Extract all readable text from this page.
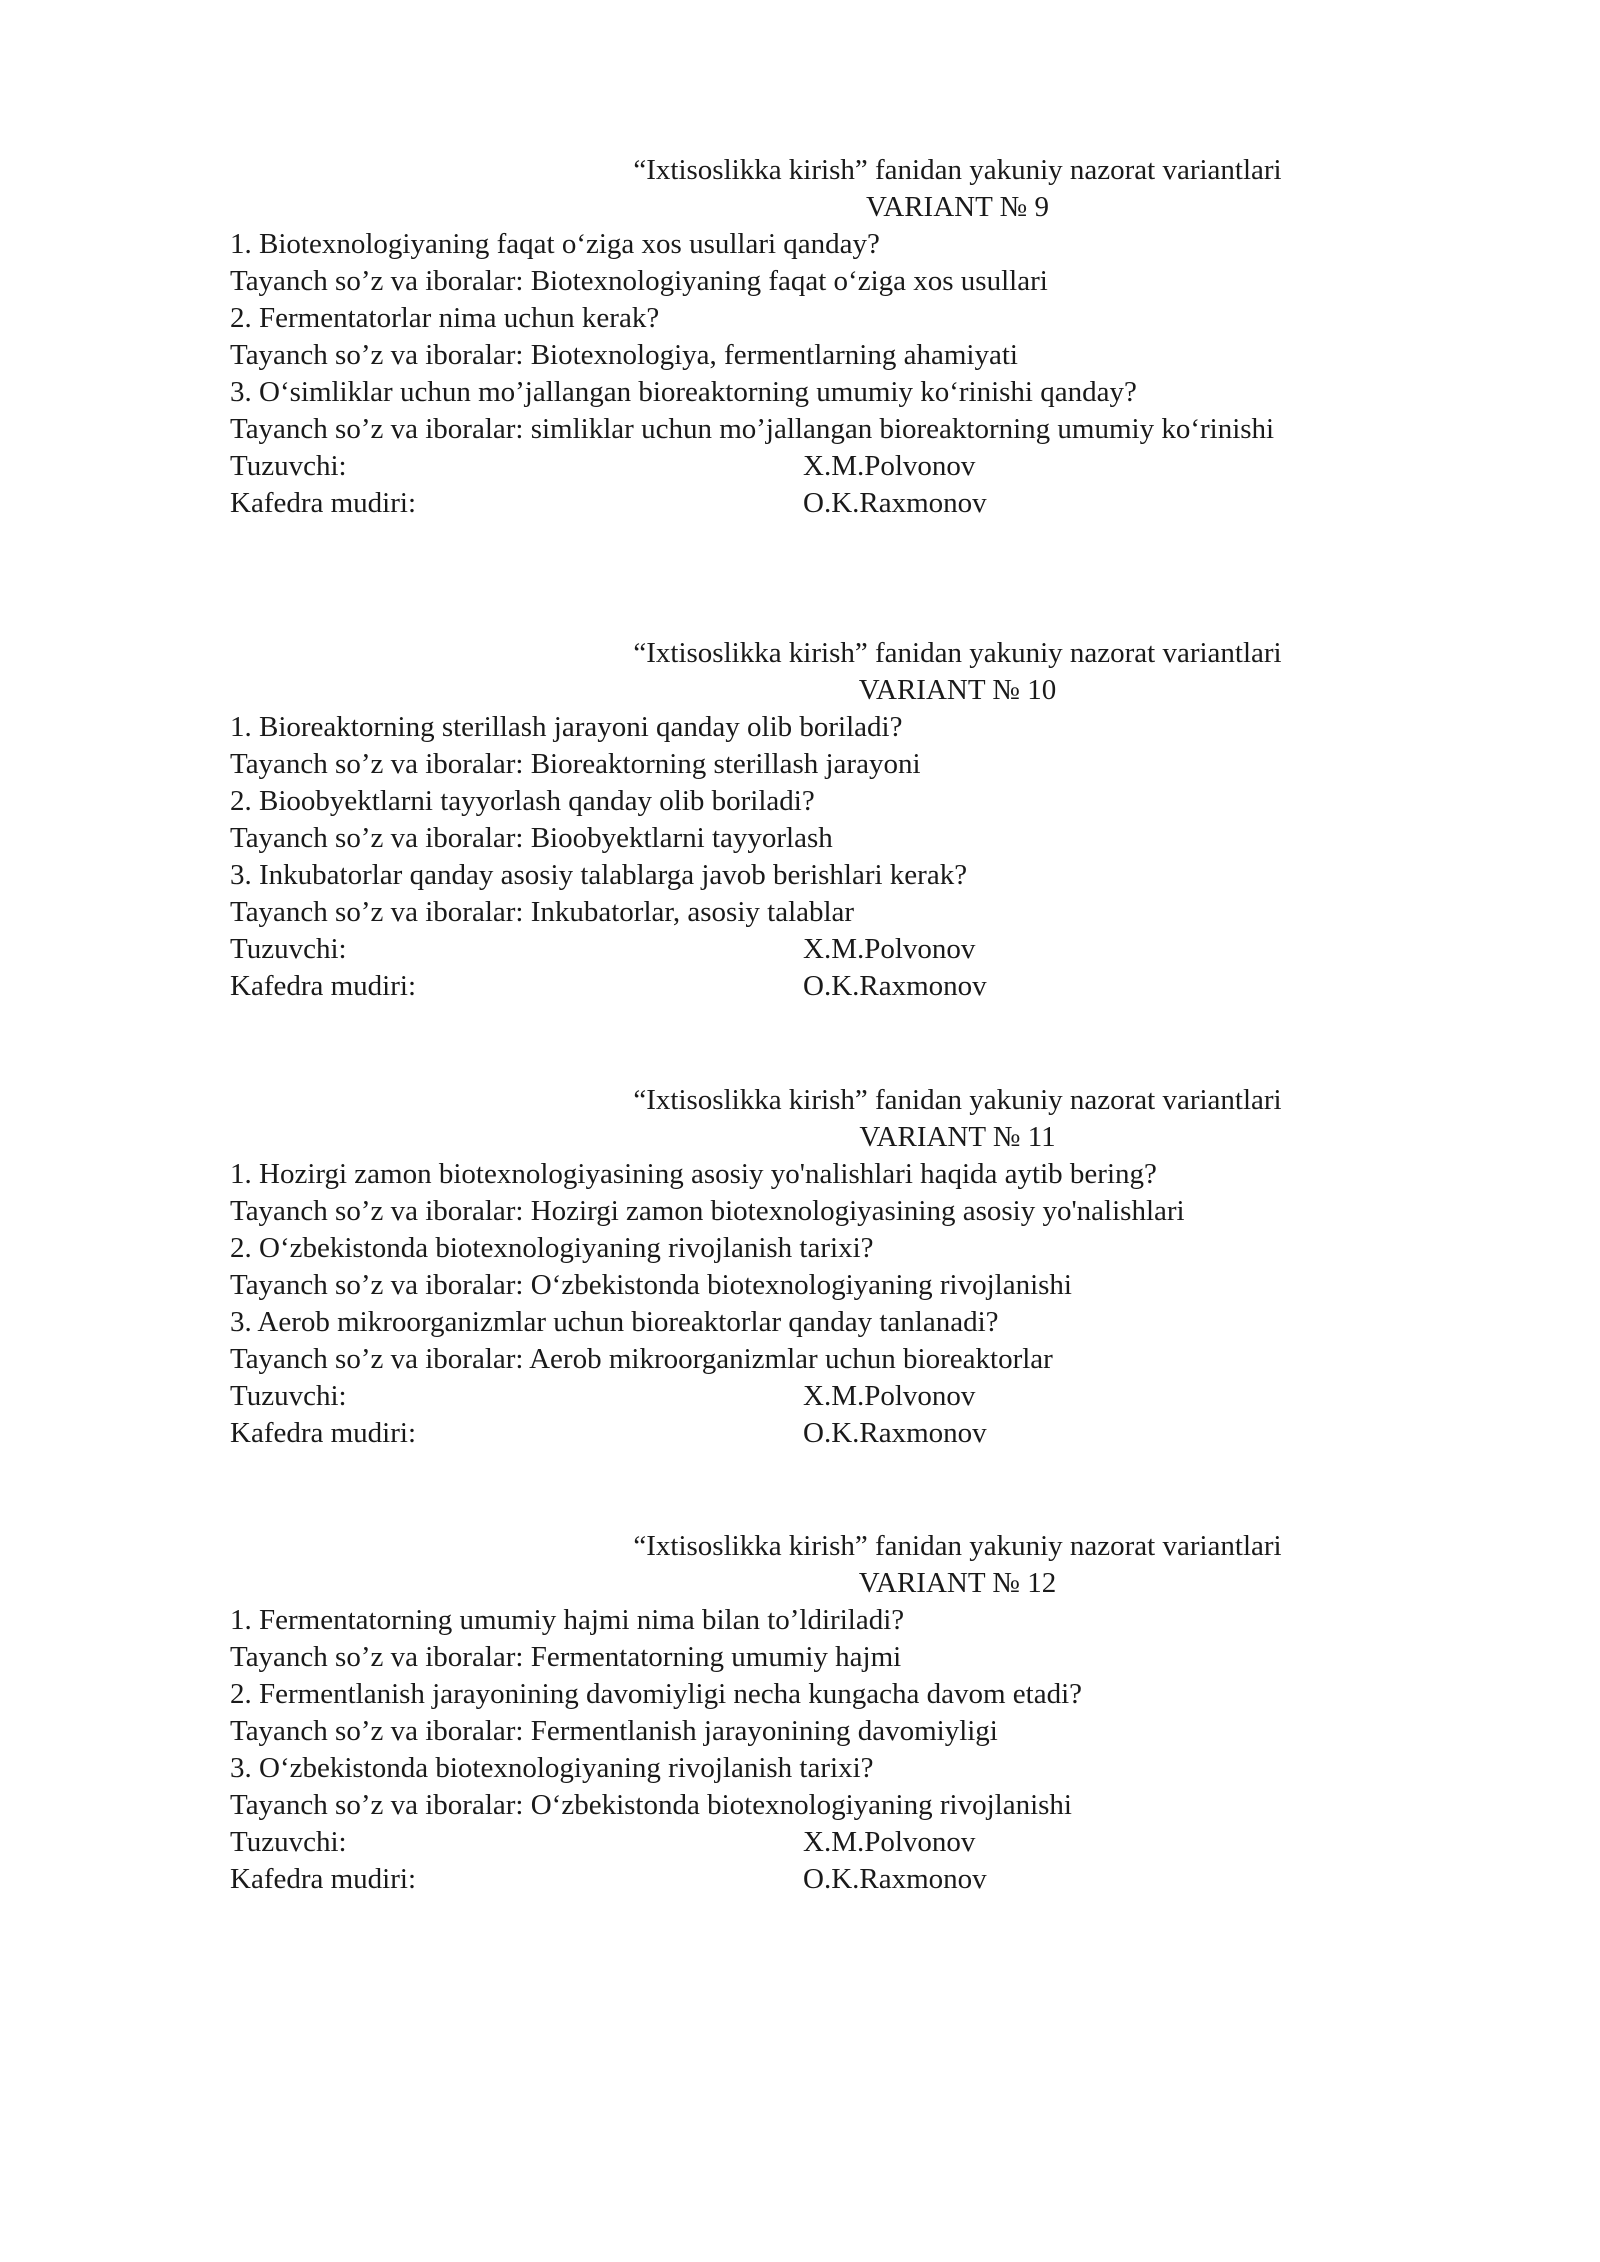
“Ixtisoslikka kirish” fanidan yakuniy nazorat variantlari
VARIANT № 9
1. Biotexnologiyaning faqat o‘ziga xos usullari qanday?
Tayanch so’z va iboralar: Biotexnologiyaning faqat o‘ziga xos usullari
2. Fermentatorlar nima uchun kerak?
Tayanch so’z va iboralar: Biotexnologiya, fermentlarning ahamiyati
3. O‘simliklar uchun mo’jallangan bioreaktorning umumiy ko‘rinishi qanday?
Tayanch so’z va iboralar: simliklar uchun mo’jallangan bioreaktorning umumiy ko‘rinishi
Tuzuvchi:	X.M.Polvonov
Kafedra mudiri:	O.K.Raxmonov
“Ixtisoslikka kirish” fanidan yakuniy nazorat variantlari
VARIANT № 10
1. Bioreaktorning sterillash jarayoni qanday olib boriladi?
Tayanch so’z va iboralar: Bioreaktorning sterillash jarayoni
2. Bioobyektlarni tayyorlash qanday olib boriladi?
Tayanch so’z va iboralar: Bioobyektlarni tayyorlash
3. Inkubatorlar qanday asosiy talablarga javob berishlari kerak?
Tayanch so’z va iboralar: Inkubatorlar, asosiy talablar
Tuzuvchi:	X.M.Polvonov
Kafedra mudiri:	O.K.Raxmonov
“Ixtisoslikka kirish” fanidan yakuniy nazorat variantlari
VARIANT № 11
1. Hozirgi zamon biotexnologiyasining asosiy yo'nalishlari haqida aytib bering?
Tayanch so’z va iboralar: Hozirgi zamon biotexnologiyasining asosiy yo'nalishlari
2. O‘zbekistonda biotexnologiyaning rivojlanish tarixi?
Tayanch so’z va iboralar: O‘zbekistonda biotexnologiyaning rivojlanishi
3. Aerob mikroorganizmlar uchun bioreaktorlar qanday tanlanadi?
Tayanch so’z va iboralar: Aerob mikroorganizmlar uchun bioreaktorlar
Tuzuvchi:	X.M.Polvonov
Kafedra mudiri:	O.K.Raxmonov
“Ixtisoslikka kirish” fanidan yakuniy nazorat variantlari
VARIANT № 12
1. Fermentatorning umumiy hajmi nima bilan to’ldiriladi?
Tayanch so’z va iboralar: Fermentatorning umumiy hajmi
2. Fermentlanish jarayonining davomiyligi necha kungacha davom etadi?
Tayanch so’z va iboralar: Fermentlanish jarayonining davomiyligi
3. O‘zbekistonda biotexnologiyaning rivojlanish tarixi?
Tayanch so’z va iboralar: O‘zbekistonda biotexnologiyaning rivojlanishi
Tuzuvchi:	X.M.Polvonov
Kafedra mudiri:	O.K.Raxmonov
